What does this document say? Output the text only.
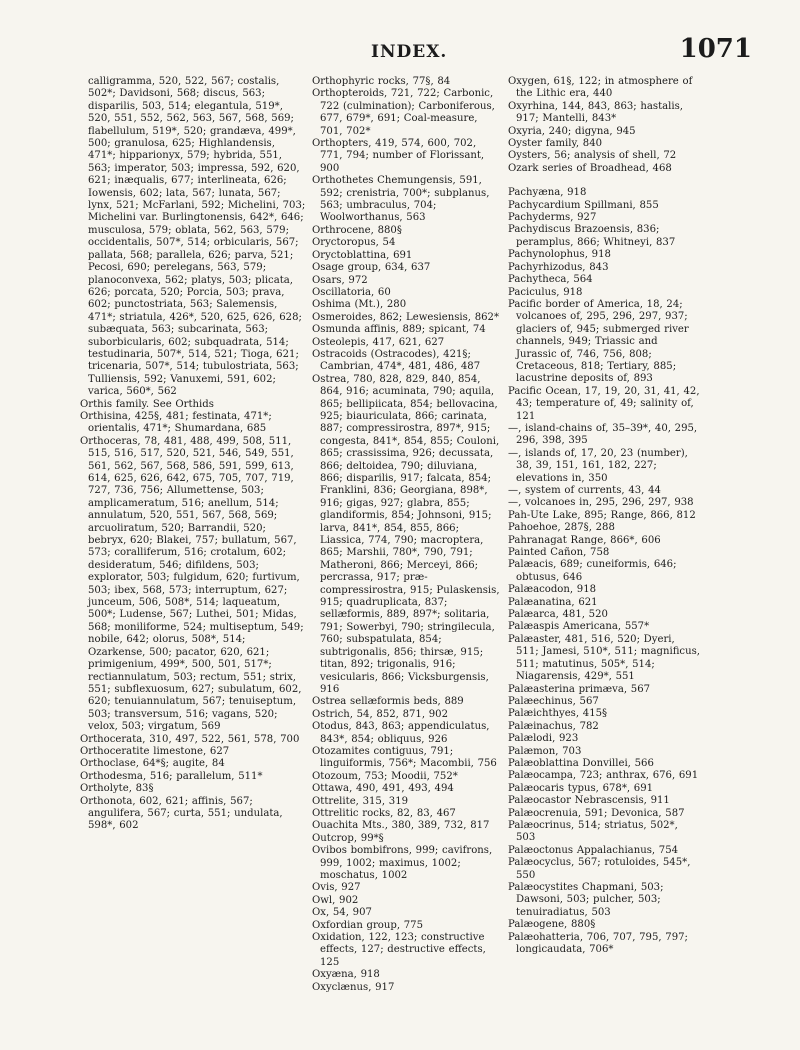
INDEX.	1071

calligramma, 520, 522, 567; costalis, 502*; Davidsoni, 568; discus, 563; disparilis, 503, 514; elegantula, 519*, 520, 551, 552, 562, 563, 567, 568, 569; flabellulum, 519*, 520; grandæva, 499*, 500; granulosa, 625; Highlandensis, 471*; hipparionyx, 579; hybrida, 551, 563; imperator, 503; impressa, 592, 620, 621; inæqualis, 677; interlineata, 626; Iowensis, 602; lata, 567; lunata, 567; lynx, 521; McFarlani, 592; Michelini, 703; Michelini var. Burlingtonensis, 642*, 646; musculosa, 579; oblata, 562, 563, 579; occidentalis, 507*, 514; orbicularis, 567; pallata, 568; parallela, 626; parva, 521; Pecosi, 690; perelegans, 563, 579; planoconvexa, 562; platys, 503; plicata, 626; porcata, 520; Porcia, 503; prava, 602; punctostriata, 563; Salemensis, 471*; striatula, 426*, 520, 625, 626, 628; subæquata, 563; subcarinata, 563; suborbicularis, 602; subquadrata, 514; testudinaria, 507*, 514, 521; Tioga, 621; tricenaria, 507*, 514; tubulostriata, 563; Tulliensis, 592; Vanuxemi, 591, 602; varica, 560*, 562

Orthis family. See Orthids

Orthisina, 425§, 481; festinata, 471*; orientalis, 471*; Shumardana, 685

Orthoceras, 78, 481, 488, 499, 508, 511, 515, 516, 517, 520, 521, 546, 549, 551, 561, 562, 567, 568, 586, 591, 599, 613, 614, 625, 626, 642, 675, 705, 707, 719, 727, 736, 756; Allumettense, 503; amplicameratum, 516; anellum, 514; annulatum, 520, 551, 567, 568, 569; arcuoliratum, 520; Barrandii, 520; bebryx, 620; Blakei, 757; bullatum, 567, 573; coralliferum, 516; crotalum, 602; desideratum, 546; difildens, 503; explorator, 503; fulgidum, 620; furtivum, 503; ibex, 568, 573; interruptum, 627; junceum, 506, 508*, 514; laqueatum, 500*; Ludense, 567; Luthei, 501; Midas, 568; moniliforme, 524; multiseptum, 549; nobile, 642; olorus, 508*, 514; Ozarkense, 500; pacator, 620, 621; primigenium, 499*, 500, 501, 517*; rectiannulatum, 503; rectum, 551; strix, 551; subflexuosum, 627; subulatum, 602, 620; tenuiannulatum, 567; tenuiseptum, 503; transversum, 516; vagans, 520; velox, 503; virgatum, 569

Orthocerata, 310, 497, 522, 561, 578, 700

Orthoceratite limestone, 627

Orthoclase, 64*§; augite, 84

Orthodesma, 516; parallelum, 511*

Ortholyte, 83§

Orthonota, 602, 621; affinis, 567; angulifera, 567; curta, 551; undulata, 598*, 602

Orthophyric rocks, 77§, 84

Orthopteroids, 721, 722; Carbonic, 722 (culmination); Carboniferous, 677, 679*, 691; Coal-measure, 701, 702*

Orthopters, 419, 574, 600, 702, 771, 794; number of Florissant, 900

Orthothetes Chemungensis, 591, 592; crenistria, 700*; subplanus, 563; umbraculus, 704; Woolworthanus, 563

Orthrocene, 880§

Oryctoropus, 54

Oryctoblattina, 691

Osage group, 634, 637

Osars, 972

Oscillatoria, 60

Oshima (Mt.), 280

Osmeroides, 862; Lewesiensis, 862*

Osmunda affinis, 889; spicant, 74

Osteolepis, 417, 621, 627

Ostracoids (Ostracodes), 421§; Cambrian, 474*, 481, 486, 487

Ostrea, 780, 828, 829, 840, 854, 864, 916; acuminata, 790; aquila, 865; bellipiicata, 854; bellovacina, 925; biauriculata, 866; carinata, 887; compressirostra, 897*, 915; congesta, 841*, 854, 855; Couloni, 865; crassissima, 926; decussata, 866; deltoidea, 790; diluviana, 866; disparilis, 917; falcata, 854; Franklini, 836; Georgiana, 898*, 916; gigas, 927; glabra, 855; glandiformis, 854; Johnsoni, 915; larva, 841*, 854, 855, 866; Liassica, 774, 790; macroptera, 865; Marshii, 780*, 790, 791; Matheroni, 866; Merceyi, 866; percrassa, 917; præ-compressirostra, 915; Pulaskensis, 915; quadruplicata, 837; sellæformis, 889, 897*; solitaria, 791; Sowerbyi, 790; stringilecula, 760; subspatulata, 854; subtrigonalis, 856; thirsæ, 915; titan, 892; trigonalis, 916; vesicularis, 866; Vicksburgensis, 916

Ostrea sellæformis beds, 889

Ostrich, 54, 852, 871, 902

Otodus, 843, 863; appendiculatus, 843*, 854; obliquus, 926

Otozamites contiguus, 791; linguiformis, 756*; Macombii, 756

Otozoum, 753; Moodii, 752*

Ottawa, 490, 491, 493, 494

Ottrelite, 315, 319

Ottrelitic rocks, 82, 83, 467

Ouachita Mts., 380, 389, 732, 817

Outcrop, 99*§

Ovibos bombifrons, 999; cavifrons, 999, 1002; maximus, 1002; moschatus, 1002

Ovis, 927

Owl, 902

Ox, 54, 907

Oxfordian group, 775

Oxidation, 122, 123; constructive effects, 127; destructive effects, 125

Oxyæna, 918

Oxyclænus, 917

Oxygen, 61§, 122; in atmosphere of the Lithic era, 440

Oxyrhina, 144, 843, 863; hastalis, 917; Mantelli, 843*

Oxyria, 240; digyna, 945

Oyster family, 840

Oysters, 56; analysis of shell, 72

Ozark series of Broadhead, 468

Pachyæna, 918

Pachycardium Spillmani, 855

Pachyderms, 927

Pachydiscus Brazoensis, 836; peramplus, 866; Whitneyi, 837

Pachynolophus, 918

Pachyrhizodus, 843

Pachytheca, 564

Paciculus, 918

Pacific border of America, 18, 24; volcanoes of, 295, 296, 297, 937; glaciers of, 945; submerged river channels, 949; Triassic and Jurassic of, 746, 756, 808; Cretaceous, 818; Tertiary, 885; lacustrine deposits of, 893

Pacific Ocean, 17, 19, 20, 31, 41, 42, 43; temperature of, 49; salinity of, 121

—, island-chains of, 35–39*, 40, 295, 296, 398, 395

—, islands of, 17, 20, 23 (number), 38, 39, 151, 161, 182, 227; elevations in, 350

—, system of currents, 43, 44

—, volcanoes in, 295, 296, 297, 938

Pah-Ute Lake, 895; Range, 866, 812

Pahoehoe, 287§, 288

Pahranagat Range, 866*, 606

Painted Cañon, 758

Palæacis, 689; cuneiformis, 646; obtusus, 646

Palæacodon, 918

Palæanatina, 621

Palæarca, 481, 520

Palæaspis Americana, 557*

Palæaster, 481, 516, 520; Dyeri, 511; Jamesi, 510*, 511; magnificus, 511; matutinus, 505*, 514; Niagarensis, 429*, 551

Palæasterina primæva, 567

Palæechinus, 567

Palæichthyes, 415§

Palæinachus, 782

Palælodi, 923

Palæmon, 703

Palæoblattina Donvillei, 566

Palæocampa, 723; anthrax, 676, 691

Palæocaris typus, 678*, 691

Palæocastor Nebrascensis, 911

Palæocrenuia, 591; Devonica, 587

Palæocrinus, 514; striatus, 502*, 503

Palæoctonus Appalachianus, 754

Palæocyclus, 567; rotuloides, 545*, 550

Palæocystites Chapmani, 503; Dawsoni, 503; pulcher, 503; tenuiradiatus, 503

Palæogene, 880§

Palæohatteria, 706, 707, 795, 797; longicaudata, 706*
